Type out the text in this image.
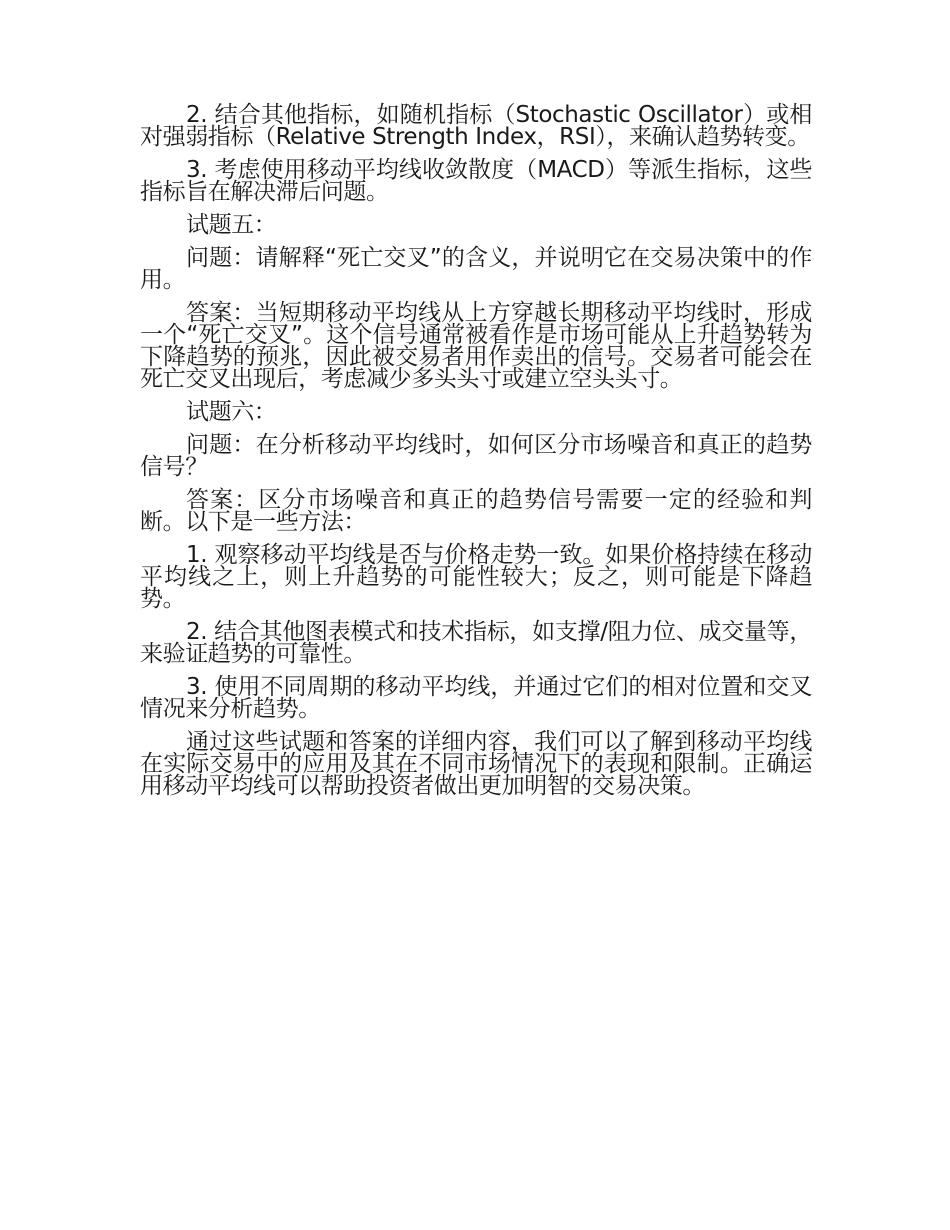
2. 结合其他指标，如随机指标（Stochastic Oscillator）或相对强弱指标（Relative Strength Index，RSI），来确认趋势转变。

3. 考虑使用移动平均线收敛散度（MACD）等派生指标，这些指标旨在解决滞后问题。

试题五：

问题：请解释“死亡交叉”的含义，并说明它在交易决策中的作用。

答案：当短期移动平均线从上方穿越长期移动平均线时，形成一个“死亡交叉”。这个信号通常被看作是市场可能从上升趋势转为下降趋势的预兆，因此被交易者用作卖出的信号。交易者可能会在死亡交叉出现后，考虑减少多头头寸或建立空头头寸。

试题六：

问题：在分析移动平均线时，如何区分市场噪音和真正的趋势信号？

答案：区分市场噪音和真正的趋势信号需要一定的经验和判断。以下是一些方法：

1. 观察移动平均线是否与价格走势一致。如果价格持续在移动平均线之上，则上升趋势的可能性较大；反之，则可能是下降趋势。

2. 结合其他图表模式和技术指标，如支撑/阻力位、成交量等，来验证趋势的可靠性。

3. 使用不同周期的移动平均线，并通过它们的相对位置和交叉情况来分析趋势。

通过这些试题和答案的详细内容，我们可以了解到移动平均线在实际交易中的应用及其在不同市场情况下的表现和限制。正确运用移动平均线可以帮助投资者做出更加明智的交易决策。
